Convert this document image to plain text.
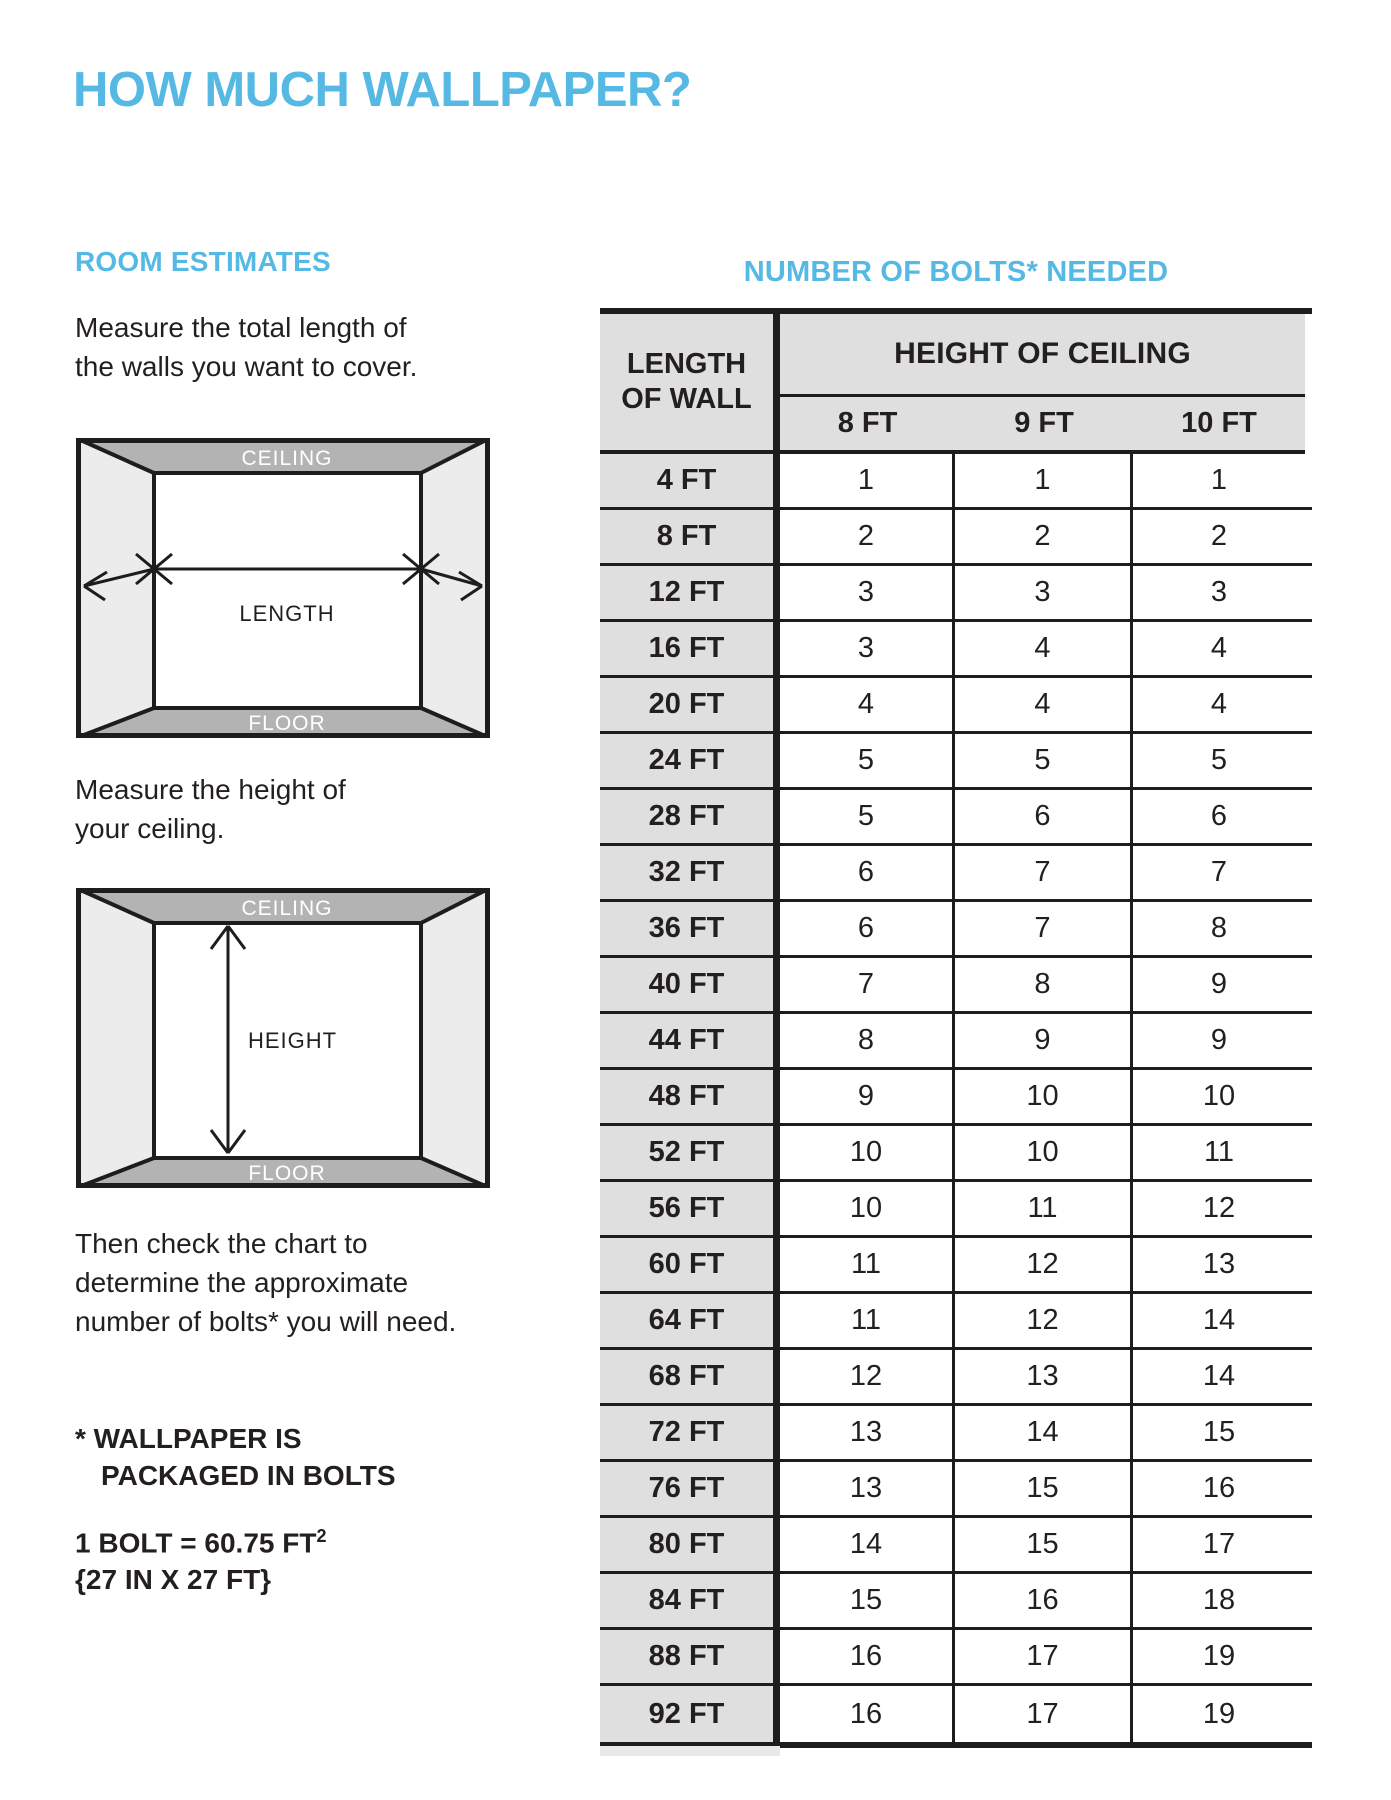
HOW MUCH WALLPAPER?
ROOM ESTIMATES
Measure the total length of
the walls you want to cover.
CEILING
LENGTH
FLOOR
Measure the height of
your ceiling.
HEIGHT
CEILING
FLOOR
Then check the chart to
determine the approximate
number of bolts* you will need.
* WALLPAPER IS
PACKAGED IN BOLTS
1 BOLT = 60.75 $FT^2$
{27 IN X 27 FT}
NUMBER OF BOLTS* NEEDED
LENGTH
OF WALL
HEIGHT OF CEILING
8 FT	9 FT	10 FT
4 FT	1	1	1
8 FT	2	2	2
12 FT	3	3	3
16 FT	3	4	4
20 FT	4	4	4
24 FT	5	5	5
28 FT	5	6	6
32 FT	6	7	7
36 FT	6	7	8
40 FT	7	8	9
44 FT	8	9	9
48 FT	9	10	10
52 FT	10	10	11
56 FT	10	11	12
60 FT	11	12	13
64 FT	11	12	14
68 FT	12	13	14
72 FT	13	14	15
76 FT	13	15	16
80 FT	14	15	17
84 FT	15	16	18
88 FT	16	17	19
92 FT	16	17	19
